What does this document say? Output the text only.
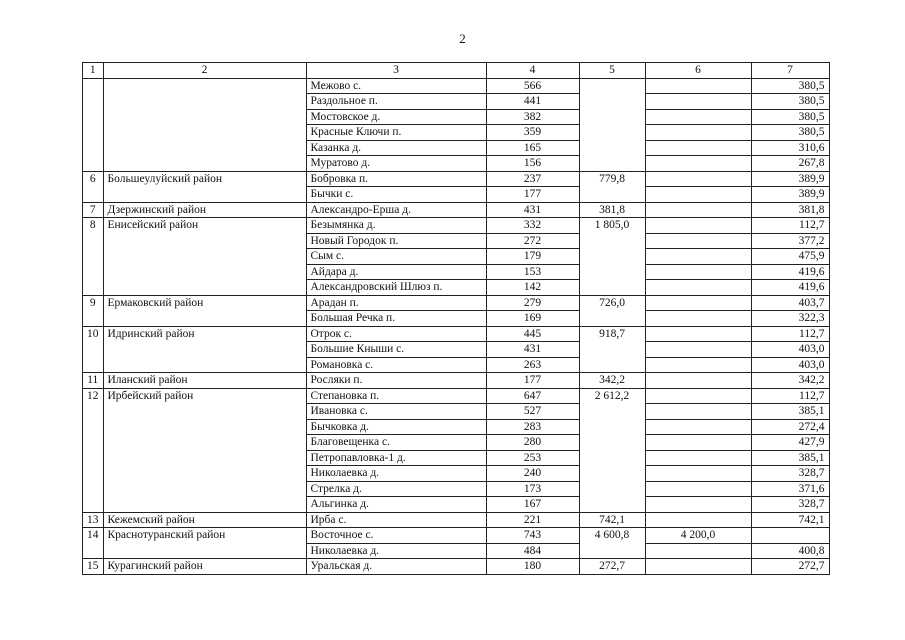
2
1	2	3	4	5	6	7
		Межово с.	566			380,5
		Раздольное п.	441			380,5
		Мостовское д.	382			380,5
		Красные Ключи п.	359			380,5
		Казанка д.	165			310,6
		Муратово д.	156			267,8
6	Большеулуйский район	Бобровка п.	237	779,8		389,9
		Бычки с.	177			389,9
7	Дзержинский район	Александро-Ерша д.	431	381,8		381,8
8	Енисейский район	Безымянка д.	332	1 805,0		112,7
		Новый Городок п.	272			377,2
		Сым с.	179			475,9
		Айдара д.	153			419,6
		Александровский Шлюз п.	142			419,6
9	Ермаковский район	Арадан п.	279	726,0		403,7
		Большая Речка п.	169			322,3
10	Идринский район	Отрок с.	445	918,7		112,7
		Большие Кныши с.	431			403,0
		Романовка с.	263			403,0
11	Иланский район	Росляки п.	177	342,2		342,2
12	Ирбейский район	Степановка п.	647	2 612,2		112,7
		Ивановка с.	527			385,1
		Бычковка д.	283			272,4
		Благовещенка с.	280			427,9
		Петропавловка-1 д.	253			385,1
		Николаевка д.	240			328,7
		Стрелка д.	173			371,6
		Альгинка д.	167			328,7
13	Кежемский район	Ирба с.	221	742,1		742,1
14	Краснотуранский район	Восточное с.	743	4 600,8	4 200,0	
		Николаевка д.	484			400,8
15	Курагинский район	Уральская д.	180	272,7		272,7
